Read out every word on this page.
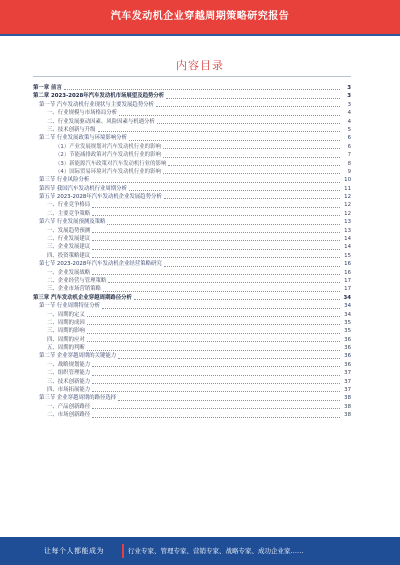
汽车发动机企业穿越周期策略研究报告
内容目录
第一章 前言	3
第二章 2023-2028年汽车发动机市场展望及趋势分析	3
第一节 汽车发动机行业现状与主要发展趋势分析	3
一、行业规模与市场格局分析	4
二、行业发展驱动因素、风险因素与机遇分析	4
三、技术创新与升级	5
第二节 行业发展政策与环境影响分析	6
（1）产业发展规划对汽车发动机行业的影响	6
（2）节能减排政策对汽车发动机行业的影响	7
（3）新能源汽车政策对汽车发动机行业的影响	8
（4）国际贸易环境对汽车发动机行业的影响	9
第三节 行业风险分析	10
第四节 我国汽车发动机行业周期分析	11
第五节 2023-2028年汽车发动机企业发展趋势分析	12
一、行业竞争格局	12
二、主要竞争策略	12
第六节 行业发展预测及策略	13
一、发展趋势预测	13
二、行业发展建议	14
三、企业发展建议	14
四、投资策略建议	15
第七节 2023-2028年汽车发动机企业经营策略研究	16
一、企业发展战略	16
二、企业经营与管理策略	17
三、企业市场营销策略	17
第三章 汽车发动机企业穿越周期路径分析	34
第一节 行业周期特征分析	34
一、周期的定义	34
二、周期的成因	35
三、周期的影响	35
四、周期的应对	36
五、周期的判断	36
第二节 企业穿越周期的关键能力	36
一、战略规划能力	36
二、组织管理能力	37
三、技术创新能力	37
四、市场拓展能力	37
第三节 企业穿越周期的路径选择	38
一、产品创新路径	38
二、市场创新路径	38
让每个人都能成为	行业专家、管理专家、营销专家、战略专家、成功企业家……
